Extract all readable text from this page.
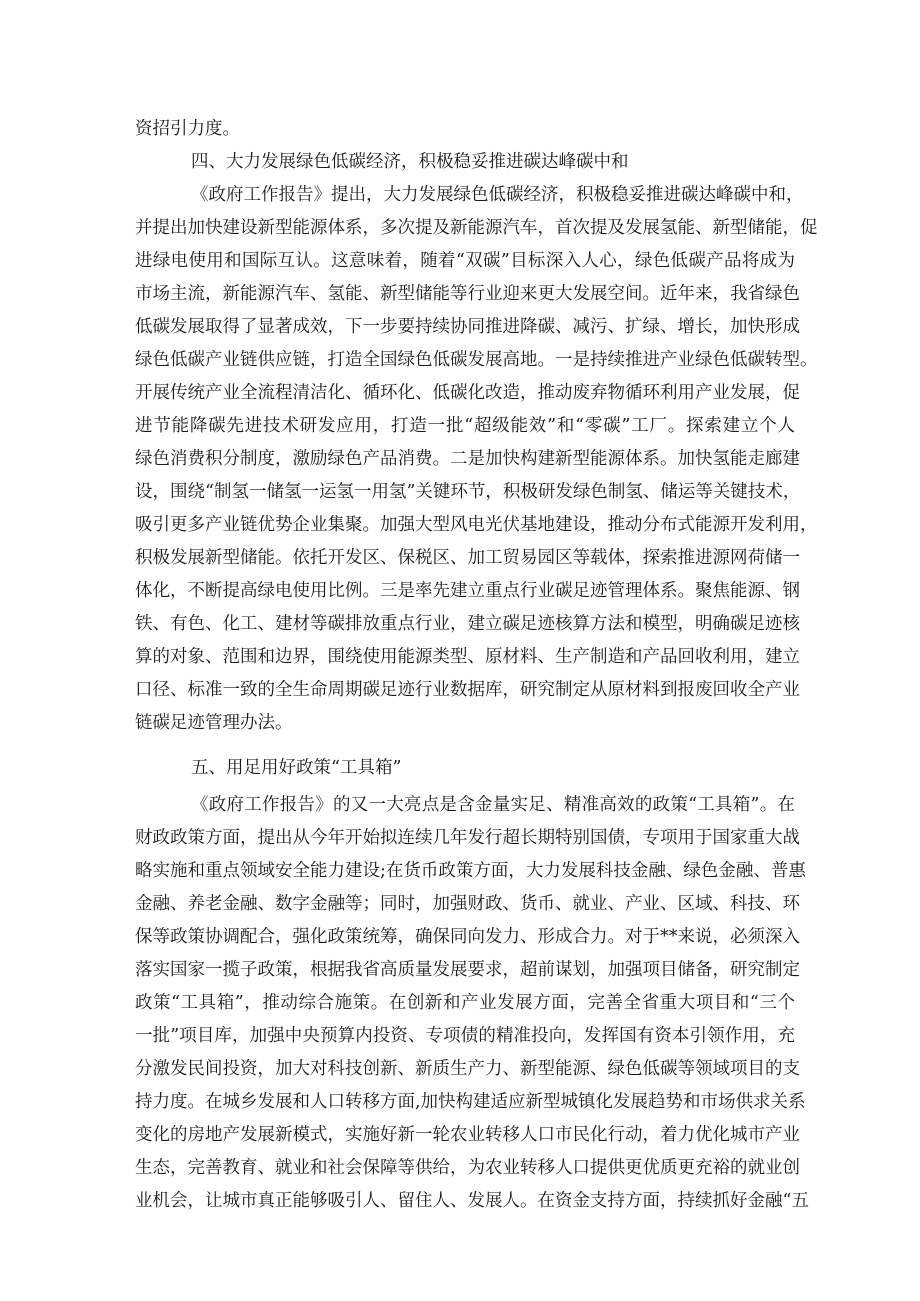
资招引力度。
四、大力发展绿色低碳经济，积极稳妥推进碳达峰碳中和
《政府工作报告》提出，大力发展绿色低碳经济，积极稳妥推进碳达峰碳中和，
并提出加快建设新型能源体系，多次提及新能源汽车，首次提及发展氢能、新型储能，促
进绿电使用和国际互认。这意味着，随着“双碳”目标深入人心，绿色低碳产品将成为
市场主流，新能源汽车、氢能、新型储能等行业迎来更大发展空间。近年来，我省绿色
低碳发展取得了显著成效，下一步要持续协同推进降碳、减污、扩绿、增长，加快形成
绿色低碳产业链供应链，打造全国绿色低碳发展高地。一是持续推进产业绿色低碳转型。
开展传统产业全流程清洁化、循环化、低碳化改造，推动废弃物循环利用产业发展，促
进节能降碳先进技术研发应用，打造一批“超级能效”和“零碳”工厂。探索建立个人
绿色消费积分制度，激励绿色产品消费。二是加快构建新型能源体系。加快氢能走廊建
设，围绕“制氢一储氢一运氢一用氢”关键环节，积极研发绿色制氢、储运等关键技术，
吸引更多产业链优势企业集聚。加强大型风电光伏基地建设，推动分布式能源开发利用，
积极发展新型储能。依托开发区、保税区、加工贸易园区等载体，探索推进源网荷储一
体化，不断提高绿电使用比例。三是率先建立重点行业碳足迹管理体系。聚焦能源、钢
铁、有色、化工、建材等碳排放重点行业，建立碳足迹核算方法和模型，明确碳足迹核
算的对象、范围和边界，围绕使用能源类型、原材料、生产制造和产品回收利用，建立
口径、标准一致的全生命周期碳足迹行业数据库，研究制定从原材料到报废回收全产业
链碳足迹管理办法。
五、用足用好政策“工具箱”
《政府工作报告》的又一大亮点是含金量实足、精准高效的政策“工具箱”。在
财政政策方面，提出从今年开始拟连续几年发行超长期特别国债，专项用于国家重大战
略实施和重点领域安全能力建设;在货币政策方面，大力发展科技金融、绿色金融、普惠
金融、养老金融、数字金融等；同时，加强财政、货币、就业、产业、区域、科技、环
保等政策协调配合，强化政策统筹，确保同向发力、形成合力。对于**来说，必须深入
落实国家一揽子政策，根据我省高质量发展要求，超前谋划，加强项目储备，研究制定
政策“工具箱”，推动综合施策。在创新和产业发展方面，完善全省重大项目和“三个
一批”项目库，加强中央预算内投资、专项债的精准投向，发挥国有资本引领作用，充
分激发民间投资，加大对科技创新、新质生产力、新型能源、绿色低碳等领域项目的支
持力度。在城乡发展和人口转移方面,加快构建适应新型城镇化发展趋势和市场供求关系
变化的房地产发展新模式，实施好新一轮农业转移人口市民化行动，着力优化城市产业
生态，完善教育、就业和社会保障等供给，为农业转移人口提供更优质更充裕的就业创
业机会，让城市真正能够吸引人、留住人、发展人。在资金支持方面，持续抓好金融“五
